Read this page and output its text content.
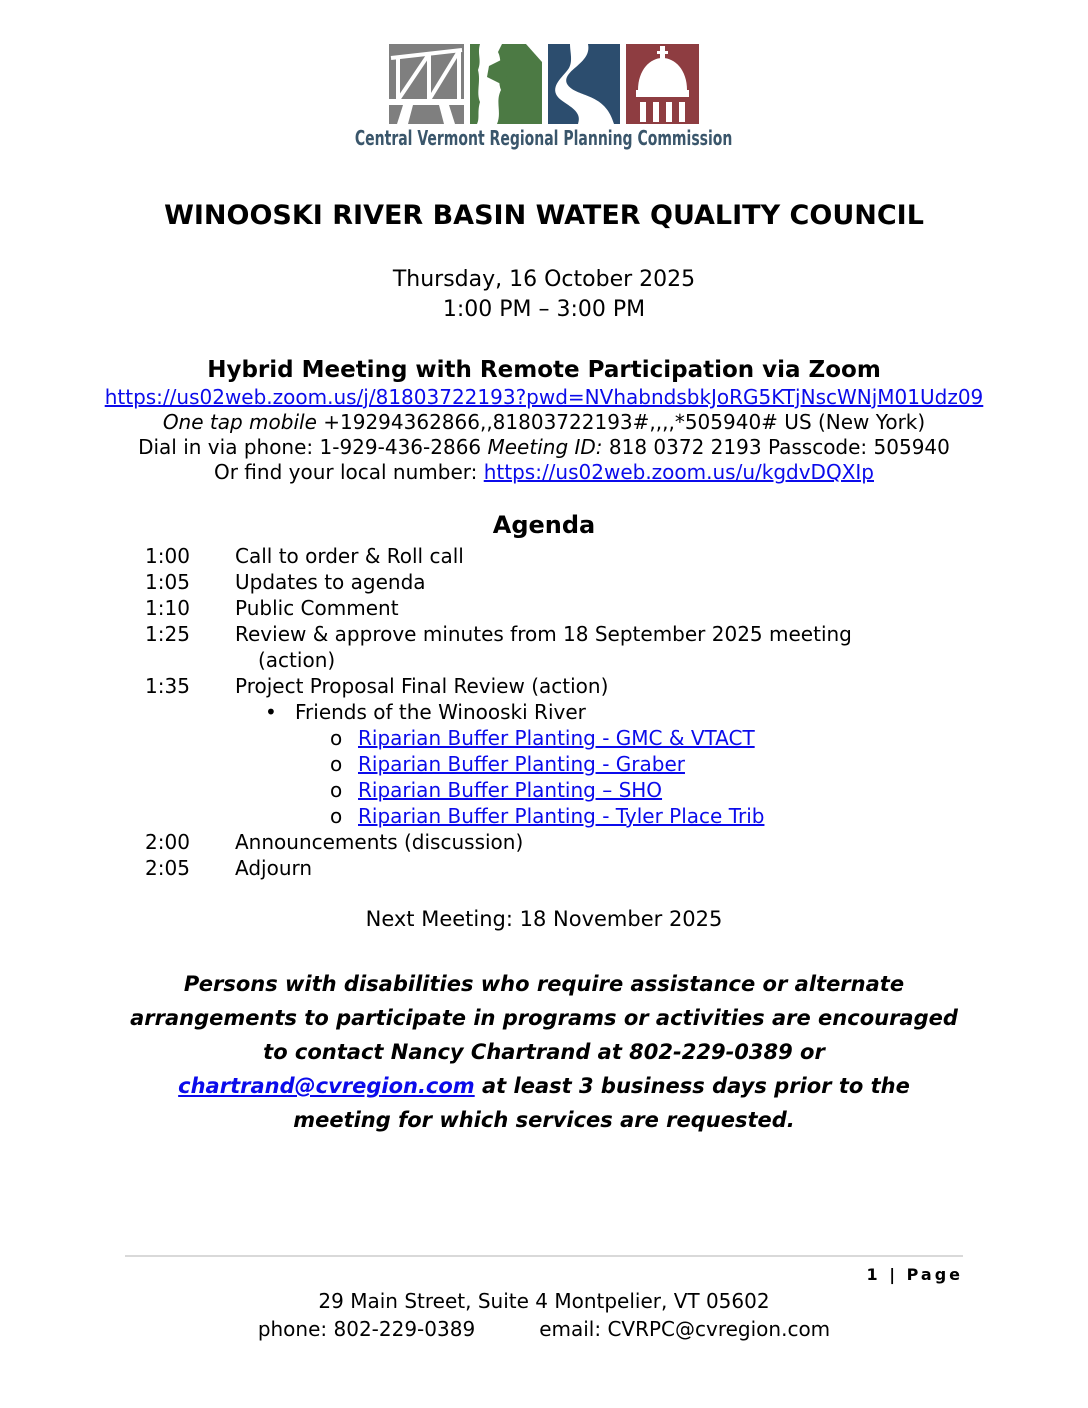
Central Vermont Regional Planning Commission
WINOOSKI RIVER BASIN WATER QUALITY COUNCIL
Thursday, 16 October 2025
1:00 PM – 3:00 PM
Hybrid Meeting with Remote Participation via Zoom
https://us02web.zoom.us/j/81803722193?pwd=NVhabndsbkJoRG5KTjNscWNjM01Udz09
One tap mobile +19294362866,,81803722193#,,,,*505940# US (New York)
Dial in via phone: 1-929-436-2866 Meeting ID: 818 0372 2193 Passcode: 505940
Or find your local number: https://us02web.zoom.us/u/kgdvDQXIp
Agenda
1:00	Call to order & Roll call
1:05	Updates to agenda
1:10	Public Comment
1:25	Review & approve minutes from 18 September 2025 meeting
(action)
1:35	Project Proposal Final Review (action)
• Friends of the Winooski River
o Riparian Buffer Planting - GMC & VTACT
o Riparian Buffer Planting - Graber
o Riparian Buffer Planting – SHO
o Riparian Buffer Planting - Tyler Place Trib
2:00	Announcements (discussion)
2:05	Adjourn
Next Meeting: 18 November 2025

Persons with disabilities who require assistance or alternate arrangements to participate in programs or activities are encouraged to contact Nancy Chartrand at 802-229-0389 or chartrand@cvregion.com at least 3 business days prior to the meeting for which services are requested.

1 | Page
29 Main Street, Suite 4 Montpelier, VT 05602
phone: 802-229-0389	email: CVRPC@cvregion.com
